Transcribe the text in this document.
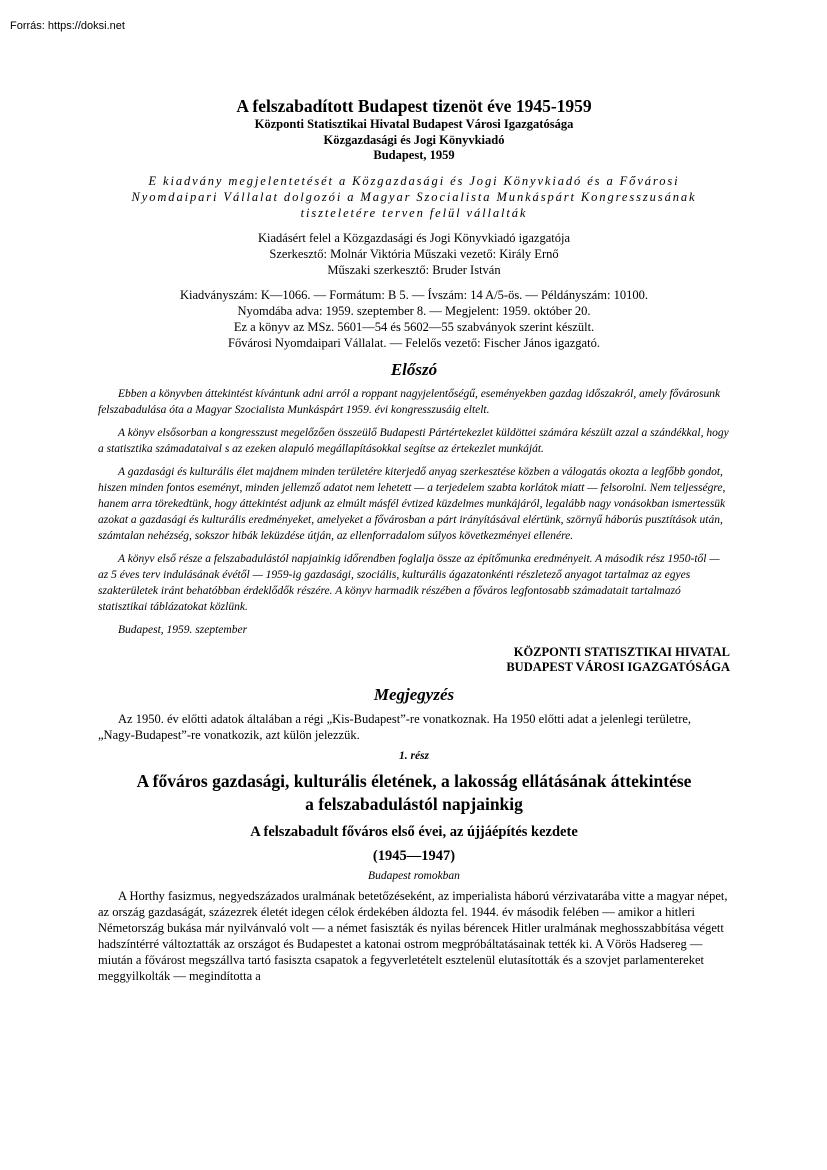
Forrás: https://doksi.net
A felszabadított Budapest tizenöt éve 1945-1959
Központi Statisztikai Hivatal Budapest Városi Igazgatósága
Közgazdasági és Jogi Könyvkiadó
Budapest, 1959
E kiadvány megjelentetését a Közgazdasági és Jogi Könyvkiadó és a Fővárosi
Nyomdaipari Vállalat dolgozói a Magyar Szocialista Munkáspárt Kongresszusának
tiszteletére terven felül vállalták
Kiadásért felel a Közgazdasági és Jogi Könyvkiadó igazgatója
Szerkesztő: Molnár Viktória Műszaki vezető: Király Ernő
Műszaki szerkesztő: Bruder István
Kiadványszám: K—1066. — Formátum: B 5. — Ívszám: 14 A/5-ös. — Példányszám: 10100.
Nyomdába adva: 1959. szeptember 8. — Megjelent: 1959. október 20.
Ez a könyv az MSz. 5601—54 és 5602—55 szabványok szerint készült.
Fővárosi Nyomdaipari Vállalat. — Felelős vezető: Fischer János igazgató.
Előszó

Ebben a könyvben áttekintést kívántunk adni arról a roppant nagyjelentőségű, eseményekben gazdag időszakról, amely fővárosunk felszabadulása óta a Magyar Szocialista Munkáspárt 1959. évi kongresszusáig eltelt.

A könyv elsősorban a kongresszust megelőzően összeülő Budapesti Pártértekezlet küldöttei számára készült azzal a szándékkal, hogy a statisztika számadataival s az ezeken alapuló megállapításokkal segítse az értekezlet munkáját.

A gazdasági és kulturális élet majdnem minden területére kiterjedő anyag szerkesztése közben a válogatás okozta a legfőbb gondot, hiszen minden fontos eseményt, minden jellemző adatot nem lehetett — a terjedelem szabta korlátok miatt — felsorolni. Nem teljességre, hanem arra törekedtünk, hogy áttekintést adjunk az elmúlt másfél évtized küzdelmes munkájáról, legalább nagy vonásokban ismertessük azokat a gazdasági és kulturális eredményeket, amelyeket a fővárosban a párt irányításával elértünk, szörnyű háborús pusztítások után, számtalan nehézség, sokszor hibák leküzdése útján, az ellenforradalom súlyos következményei ellenére.

A könyv első része a felszabadulástól napjainkig időrendben foglalja össze az építőmunka eredményeit. A második rész 1950-től — az 5 éves terv indulásának évétől — 1959-ig gazdasági, szociális, kulturális ágazatonkénti részletező anyagot tartalmaz az egyes szakterületek iránt behatóbban érdeklődők részére. A könyv harmadik részében a főváros legfontosabb számadatait tartalmazó statisztikai táblázatokat közlünk.

Budapest, 1959. szeptember

KÖZPONTI STATISZTIKAI HIVATAL
BUDAPEST VÁROSI IGAZGATÓSÁGA
Megjegyzés

Az 1950. év előtti adatok általában a régi „Kis-Budapest”-re vonatkoznak. Ha 1950 előtti adat a jelenlegi területre, „Nagy-Budapest”-re vonatkozik, azt külön jelezzük.

1. rész
A főváros gazdasági, kulturális életének, a lakosság ellátásának áttekintése
a felszabadulástól napjainkig
A felszabadult főváros első évei, az újjáépítés kezdete
(1945—1947)
Budapest romokban

A Horthy fasizmus, negyedszázados uralmának betetőzéseként, az imperialista háború vérzivatarába vitte a magyar népet, az ország gazdaságát, százezrek életét idegen célok érdekében áldozta fel. 1944. év második felében — amikor a hitleri Németország bukása már nyilvánvaló volt — a német fasiszták és nyilas bérencek Hitler uralmának meghosszabbítása végett hadszíntérré változtatták az országot és Budapestet a katonai ostrom megpróbáltatásainak tették ki. A Vörös Hadsereg — miután a fővárost megszállva tartó fasiszta csapatok a fegyverletételt esztelenül elutasították és a szovjet parlamentereket meggyilkolták — megindította a
